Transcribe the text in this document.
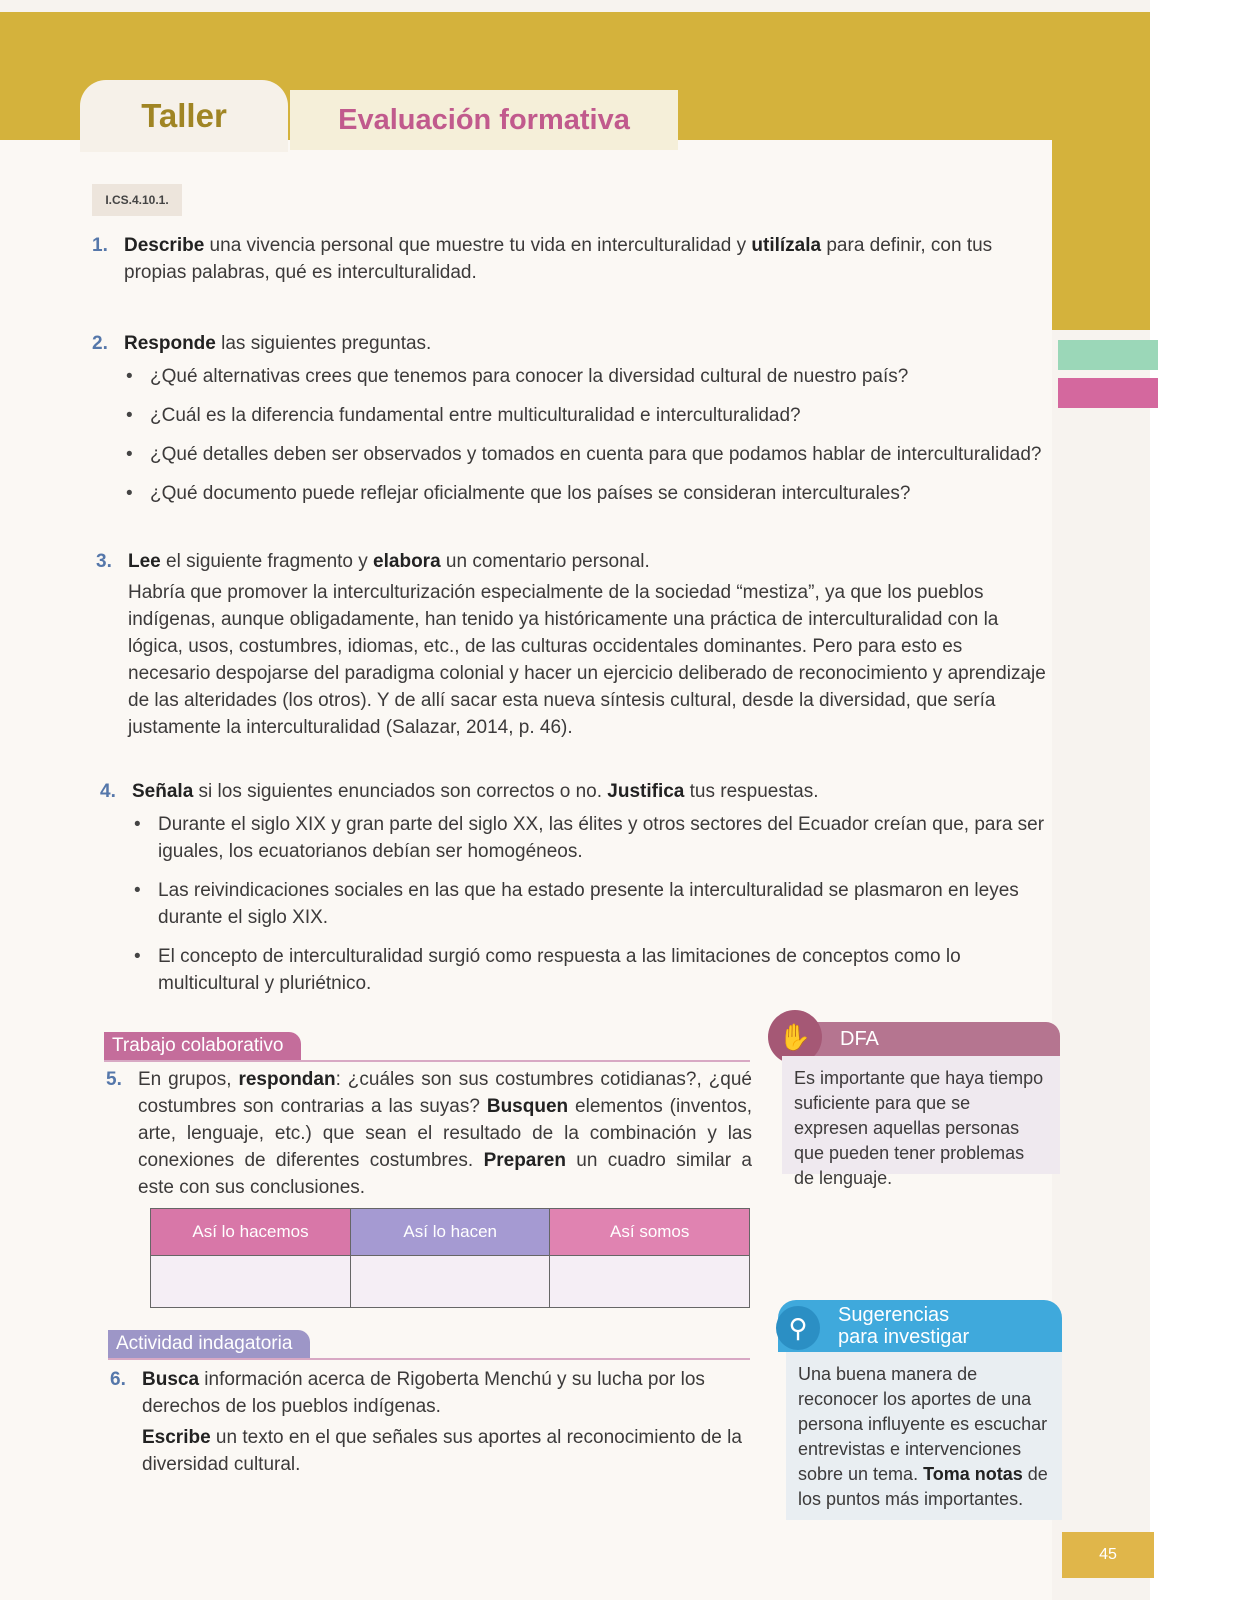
Taller	Evaluación formativa
I.CS.4.10.1.
1. Describe una vivencia personal que muestre tu vida en interculturalidad y utilízala para definir, con tus propias palabras, qué es interculturalidad.
2. Responde las siguientes preguntas.
• ¿Qué alternativas crees que tenemos para conocer la diversidad cultural de nuestro país?
• ¿Cuál es la diferencia fundamental entre multiculturalidad e interculturalidad?
• ¿Qué detalles deben ser observados y tomados en cuenta para que podamos hablar de interculturalidad?
• ¿Qué documento puede reflejar oficialmente que los países se consideran interculturales?
3. Lee el siguiente fragmento y elabora un comentario personal.

Habría que promover la interculturización especialmente de la sociedad “mestiza”, ya que los pueblos indígenas, aunque obligadamente, han tenido ya históricamente una práctica de interculturalidad con la lógica, usos, costumbres, idiomas, etc., de las culturas occidentales dominantes. Pero para esto es necesario despojarse del paradigma colonial y hacer un ejercicio deliberado de reconocimiento y aprendizaje de las alteridades (los otros). Y de allí sacar esta nueva síntesis cultural, desde la diversidad, que sería justamente la interculturalidad (Salazar, 2014, p. 46).

4. Señala si los siguientes enunciados son correctos o no. Justifica tus respuestas.
• Durante el siglo XIX y gran parte del siglo XX, las élites y otros sectores del Ecuador creían que, para ser iguales, los ecuatorianos debían ser homogéneos.
• Las reivindicaciones sociales en las que ha estado presente la interculturalidad se plasmaron en leyes durante el siglo XIX.
• El concepto de interculturalidad surgió como respuesta a las limitaciones de conceptos como lo multicultural y pluriétnico.
Trabajo colaborativo
5. En grupos, respondan: ¿cuáles son sus costumbres cotidianas?, ¿qué costumbres son contrarias a las suyas? Busquen elementos (inventos, arte, lenguaje, etc.) que sean el resultado de la combinación y las conexiones de diferentes costumbres. Preparen un cuadro similar a este con sus conclusiones.
Así lo hacemos	Así lo hacen	Así somos

Actividad indagatoria
6. Busca información acerca de Rigoberta Menchú y su lucha por los derechos de los pueblos indígenas.

Escribe un texto en el que señales sus aportes al reconocimiento de la diversidad cultural.

DFA
✋
Es importante que haya tiempo suficiente para que se expresen aquellas personas que pueden tener problemas de lenguaje.
Sugerencias
para investigar
⚲
Una buena manera de reconocer los aportes de una persona influyente es escuchar entrevistas e intervenciones sobre un tema. Toma notas de los puntos más importantes.
45
